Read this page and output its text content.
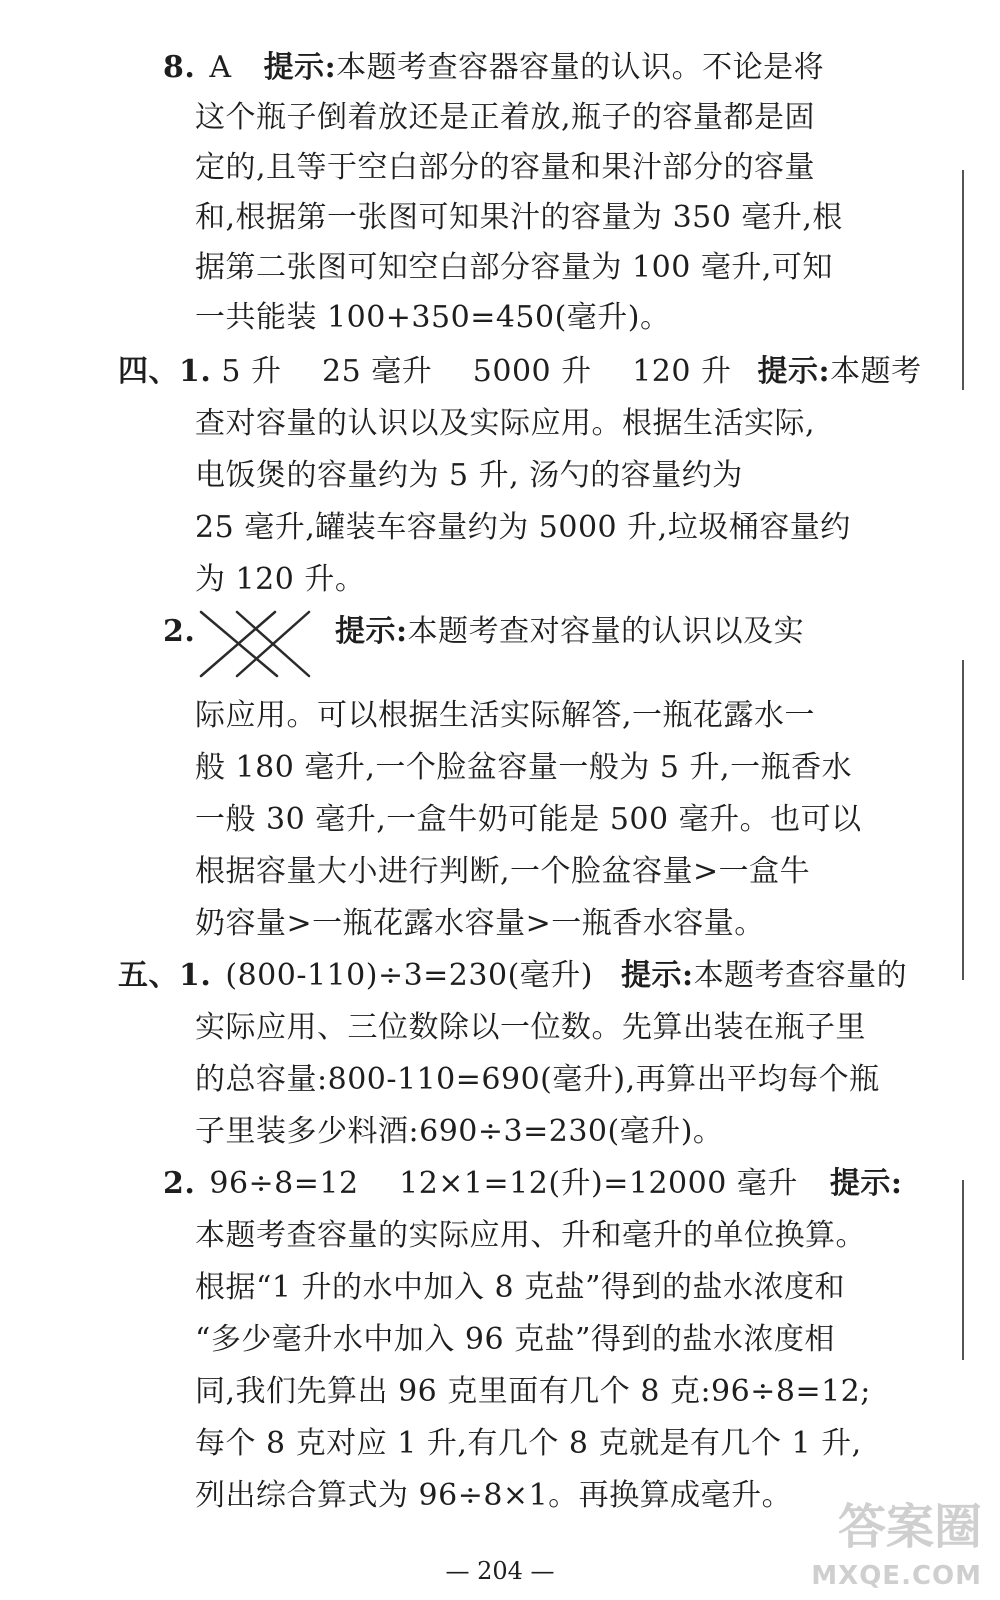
8. A 提示:本题考查容器容量的认识。不论是将
这个瓶子倒着放还是正着放,瓶子的容量都是固
定的,且等于空白部分的容量和果汁部分的容量
和,根据第一张图可知果汁的容量为 350 毫升,根
据第二张图可知空白部分容量为 100 毫升,可知
一共能装 100+350=450(毫升)。
四、1. 5 升　 25 毫升　 5000 升　 120 升 提示:本题考
查对容量的认识以及实际应用。根据生活实际,
电饭煲的容量约为 5 升, 汤勺的容量约为
25 毫升,罐装车容量约为 5000 升,垃圾桶容量约
为 120 升。
2.	提示:本题考查对容量的认识以及实
际应用。可以根据生活实际解答,一瓶花露水一
般 180 毫升,一个脸盆容量一般为 5 升,一瓶香水
一般 30 毫升,一盒牛奶可能是 500 毫升。也可以
根据容量大小进行判断,一个脸盆容量>一盒牛
奶容量>一瓶花露水容量>一瓶香水容量。
五、1. (800-110)÷3=230(毫升) 提示:本题考查容量的
实际应用、三位数除以一位数。先算出装在瓶子里
的总容量:800-110=690(毫升),再算出平均每个瓶
子里装多少料酒:690÷3=230(毫升)。
2. 96÷8=12　 12×1=12(升)=12000 毫升 提示:
本题考查容量的实际应用、升和毫升的单位换算。
根据“1 升的水中加入 8 克盐”得到的盐水浓度和
“多少毫升水中加入 96 克盐”得到的盐水浓度相
同,我们先算出 96 克里面有几个 8 克:96÷8=12;
每个 8 克对应 1 升,有几个 8 克就是有几个 1 升,
列出综合算式为 96÷8×1。再换算成毫升。
— 204 —
答案圈
MXQE.COM
